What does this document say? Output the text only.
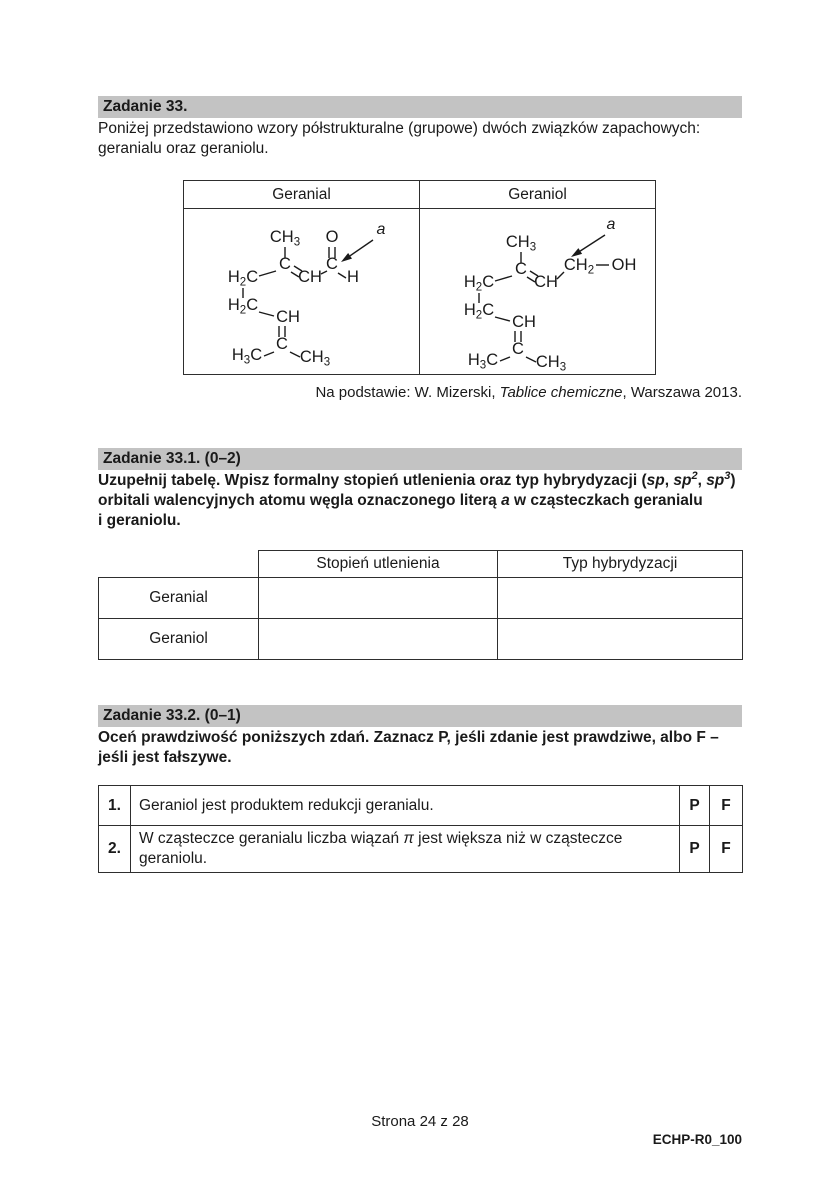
Zadanie 33.
Poniżej przedstawiono wzory półstrukturalne (grupowe) dwóch związków zapachowych:
geranialu oraz geraniolu.
Geranial	Geraniol
$CH_3$ O a
C
$H_2C$ CH
C
H
$H_2C$
CH
C
$H_3C$ $CH_3$
$CH_3$
a
C
$H_2C$ CH
$CH_2$ OH
$H_2C$
CH
C
$H_3C$ $CH_3$
Na podstawie: W. Mizerski, Tablice chemiczne, Warszawa 2013.
Zadanie 33.1. (0–2)
Uzupełnij tabelę. Wpisz formalny stopień utlenienia oraz typ hybrydyzacji (sp, $sp^2$, $sp^3$)
orbitali walencyjnych atomu węgla oznaczonego literą a w cząsteczkach geranialu
i geraniolu.
	Stopień utlenienia	Typ hybrydyzacji
Geranial		
Geraniol		
Zadanie 33.2. (0–1)
Oceń prawdziwość poniższych zdań. Zaznacz P, jeśli zdanie jest prawdziwe, albo F –
jeśli jest fałszywe.
1.	Geraniol jest produktem redukcji geranialu.	P	F
2.	W cząsteczce geranialu liczba wiązań π jest większa niż w cząsteczce geraniolu.	P	F
Strona 24 z 28
ECHP-R0_100
